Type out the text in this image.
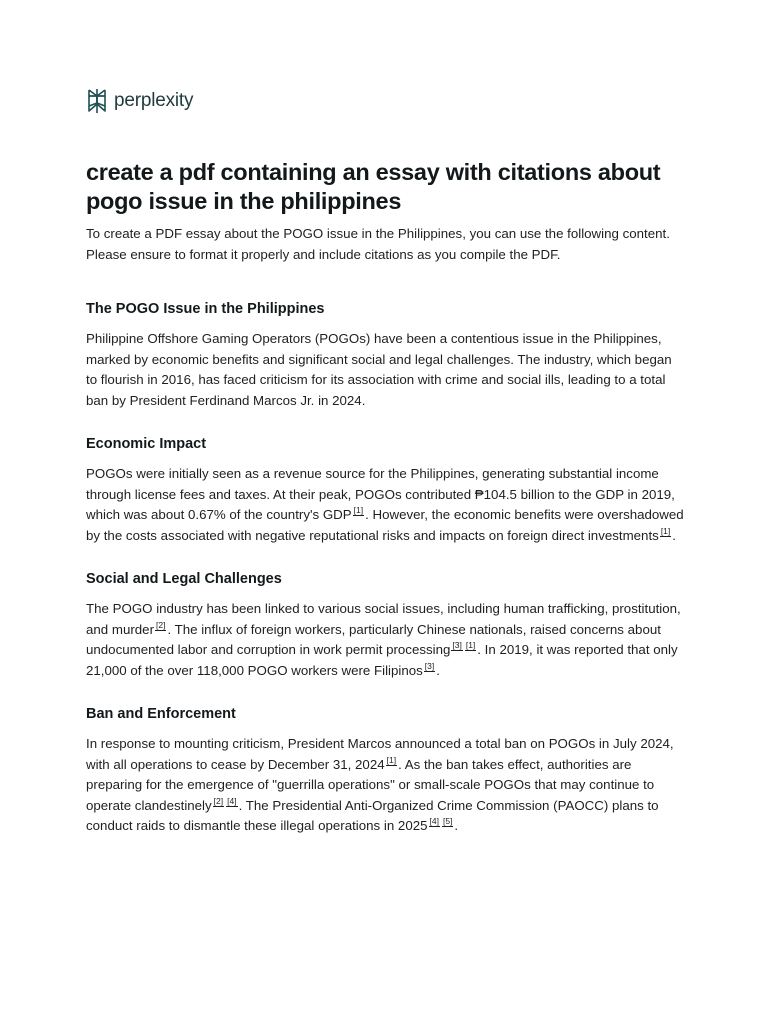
perplexity
create a pdf containing an essay with citations about pogo issue in the philippines

To create a PDF essay about the POGO issue in the Philippines, you can use the following content. Please ensure to format it properly and include citations as you compile the PDF.

The POGO Issue in the Philippines

Philippine Offshore Gaming Operators (POGOs) have been a contentious issue in the Philippines, marked by economic benefits and significant social and legal challenges. The industry, which began to flourish in 2016, has faced criticism for its association with crime and social ills, leading to a total ban by President Ferdinand Marcos Jr. in 2024.

Economic Impact

POGOs were initially seen as a revenue source for the Philippines, generating substantial income through license fees and taxes. At their peak, POGOs contributed ₱104.5 billion to the GDP in 2019, which was about 0.67% of the country's GDP [1] . However, the economic benefits were overshadowed by the costs associated with negative reputational risks and impacts on foreign direct investments [1] .

Social and Legal Challenges

The POGO industry has been linked to various social issues, including human trafficking, prostitution, and murder [2] . The influx of foreign workers, particularly Chinese nationals, raised concerns about undocumented labor and corruption in work permit processing [3] [1] . In 2019, it was reported that only 21,000 of the over 118,000 POGO workers were Filipinos [3] .

Ban and Enforcement

In response to mounting criticism, President Marcos announced a total ban on POGOs in July 2024, with all operations to cease by December 31, 2024 [1] . As the ban takes effect, authorities are preparing for the emergence of "guerrilla operations" or small-scale POGOs that may continue to operate clandestinely [2] [4] . The Presidential Anti-Organized Crime Commission (PAOCC) plans to conduct raids to dismantle these illegal operations in 2025 [4] [5] .
